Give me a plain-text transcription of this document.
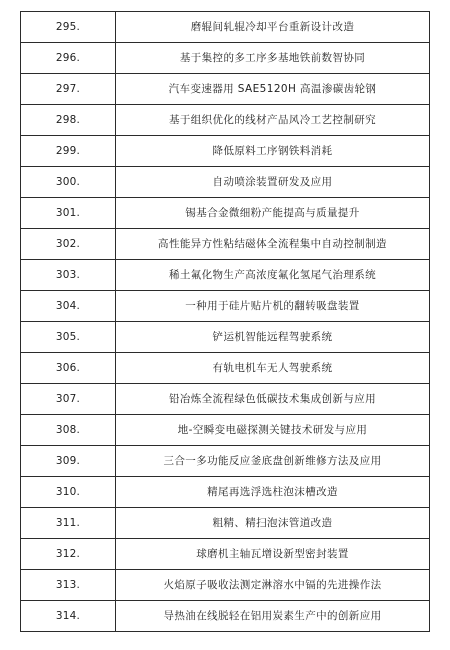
295.	磨辊间轧辊冷却平台重新设计改造
296.	基于集控的多工序多基地铁前数智协同
297.	汽车变速器用 SAE5120H 高温渗碳齿轮钢
298.	基于组织优化的线材产品风冷工艺控制研究
299.	降低原料工序钢铁料消耗
300.	自动喷涂装置研发及应用
301.	锡基合金微细粉产能提高与质量提升
302.	高性能异方性粘结磁体全流程集中自动控制制造
303.	稀土氟化物生产高浓度氟化氢尾气治理系统
304.	一种用于硅片贴片机的翻转吸盘装置
305.	铲运机智能远程驾驶系统
306.	有轨电机车无人驾驶系统
307.	铅冶炼全流程绿色低碳技术集成创新与应用
308.	地-空瞬变电磁探测关键技术研发与应用
309.	三合一多功能反应釜底盘创新维修方法及应用
310.	精尾再选浮选柱泡沫槽改造
311.	粗精、精扫泡沫管道改造
312.	球磨机主轴瓦增设新型密封装置
313.	火焰原子吸收法测定淋溶水中镉的先进操作法
314.	导热油在线脱轻在铝用炭素生产中的创新应用
